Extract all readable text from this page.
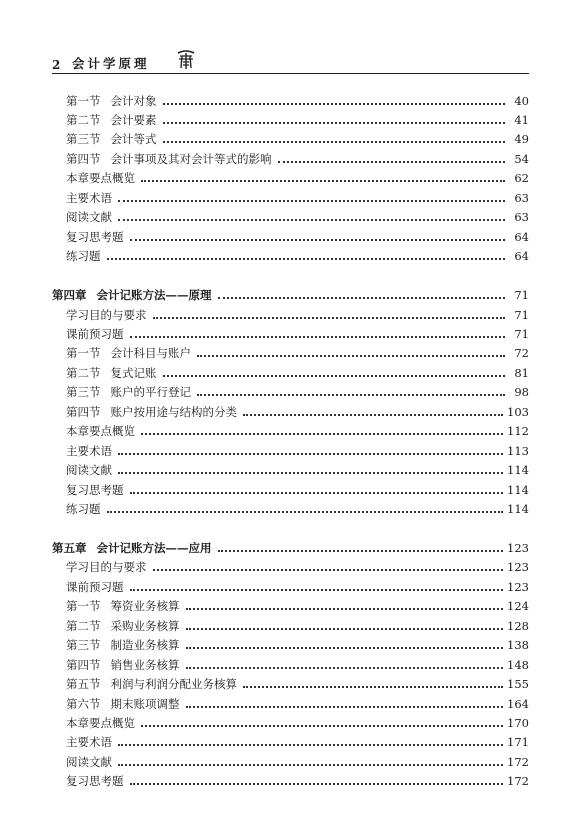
2 会计学原理
第一节 会计对象	40
第二节 会计要素	41
第三节 会计等式	49
第四节 会计事项及其对会计等式的影响	54
本章要点概览	62
主要术语	63
阅读文献	63
复习思考题	64
练习题	64
第四章 会计记账方法——原理	71
学习目的与要求	71
课前预习题	71
第一节 会计科目与账户	72
第二节 复式记账	81
第三节 账户的平行登记	98
第四节 账户按用途与结构的分类	103
本章要点概览	112
主要术语	113
阅读文献	114
复习思考题	114
练习题	114
第五章 会计记账方法——应用	123
学习目的与要求	123
课前预习题	123
第一节 筹资业务核算	124
第二节 采购业务核算	128
第三节 制造业务核算	138
第四节 销售业务核算	148
第五节 利润与利润分配业务核算	155
第六节 期末账项调整	164
本章要点概览	170
主要术语	171
阅读文献	172
复习思考题	172
